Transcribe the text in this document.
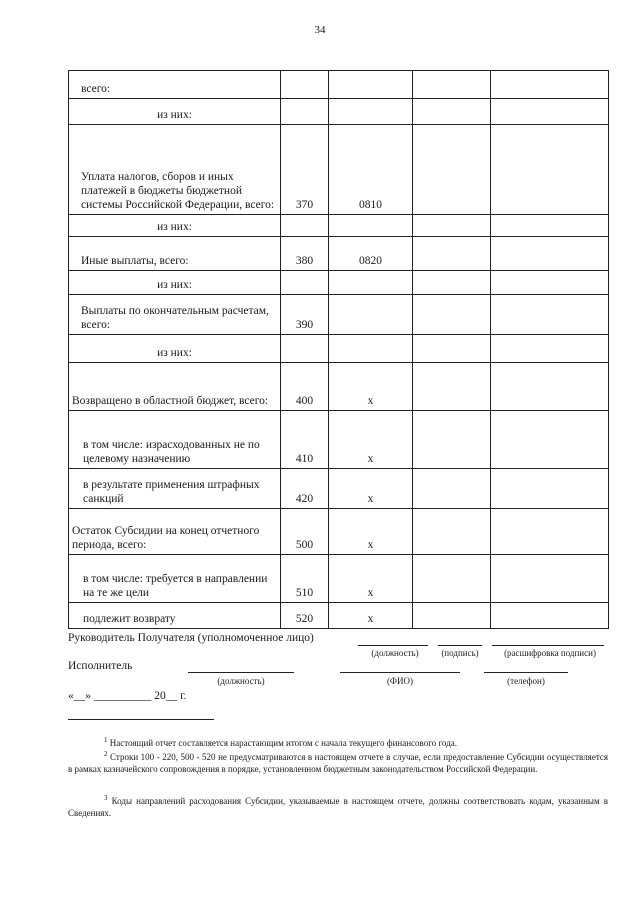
34
всего:				
из них:				
Уплата налогов, сборов и иных платежей в бюджеты бюджетной системы Российской Федерации, всего:	370	0810		
из них:				
Иные выплаты, всего:	380	0820		
из них:				
Выплаты по окончательным расчетам, всего:	390			
из них:				
Возвращено в областной бюджет, всего:	400	x		
в том числе: израсходованных не по целевому назначению	410	x		
в результате применения штрафных санкций	420	x		
Остаток Субсидии на конец отчетного периода, всего:	500	x		
в том числе: требуется в направлении на те же цели	510	x		
подлежит возврату	520	x		
Руководитель Получателя (уполномоченное лицо)
(должность)	(подпись)	(расшифровка подписи)
Исполнитель
(должность)	(ФИО)	(телефон)
«__» __________ 20__ г.
$^1$ Настоящий отчет составляется нарастающим итогом с начала текущего финансового года.
$^2$ Строки 100 - 220, 500 - 520 не предусматриваются в настоящем отчете в случае, если предоставление Субсидии осуществляется в рамках казначейского сопровождения в порядке, установленном бюджетным законодательством Российской Федерации.
$^3$ Коды направлений расходования Субсидии, указываемые в настоящем отчете, должны соответствовать кодам, указанным в Сведениях.
